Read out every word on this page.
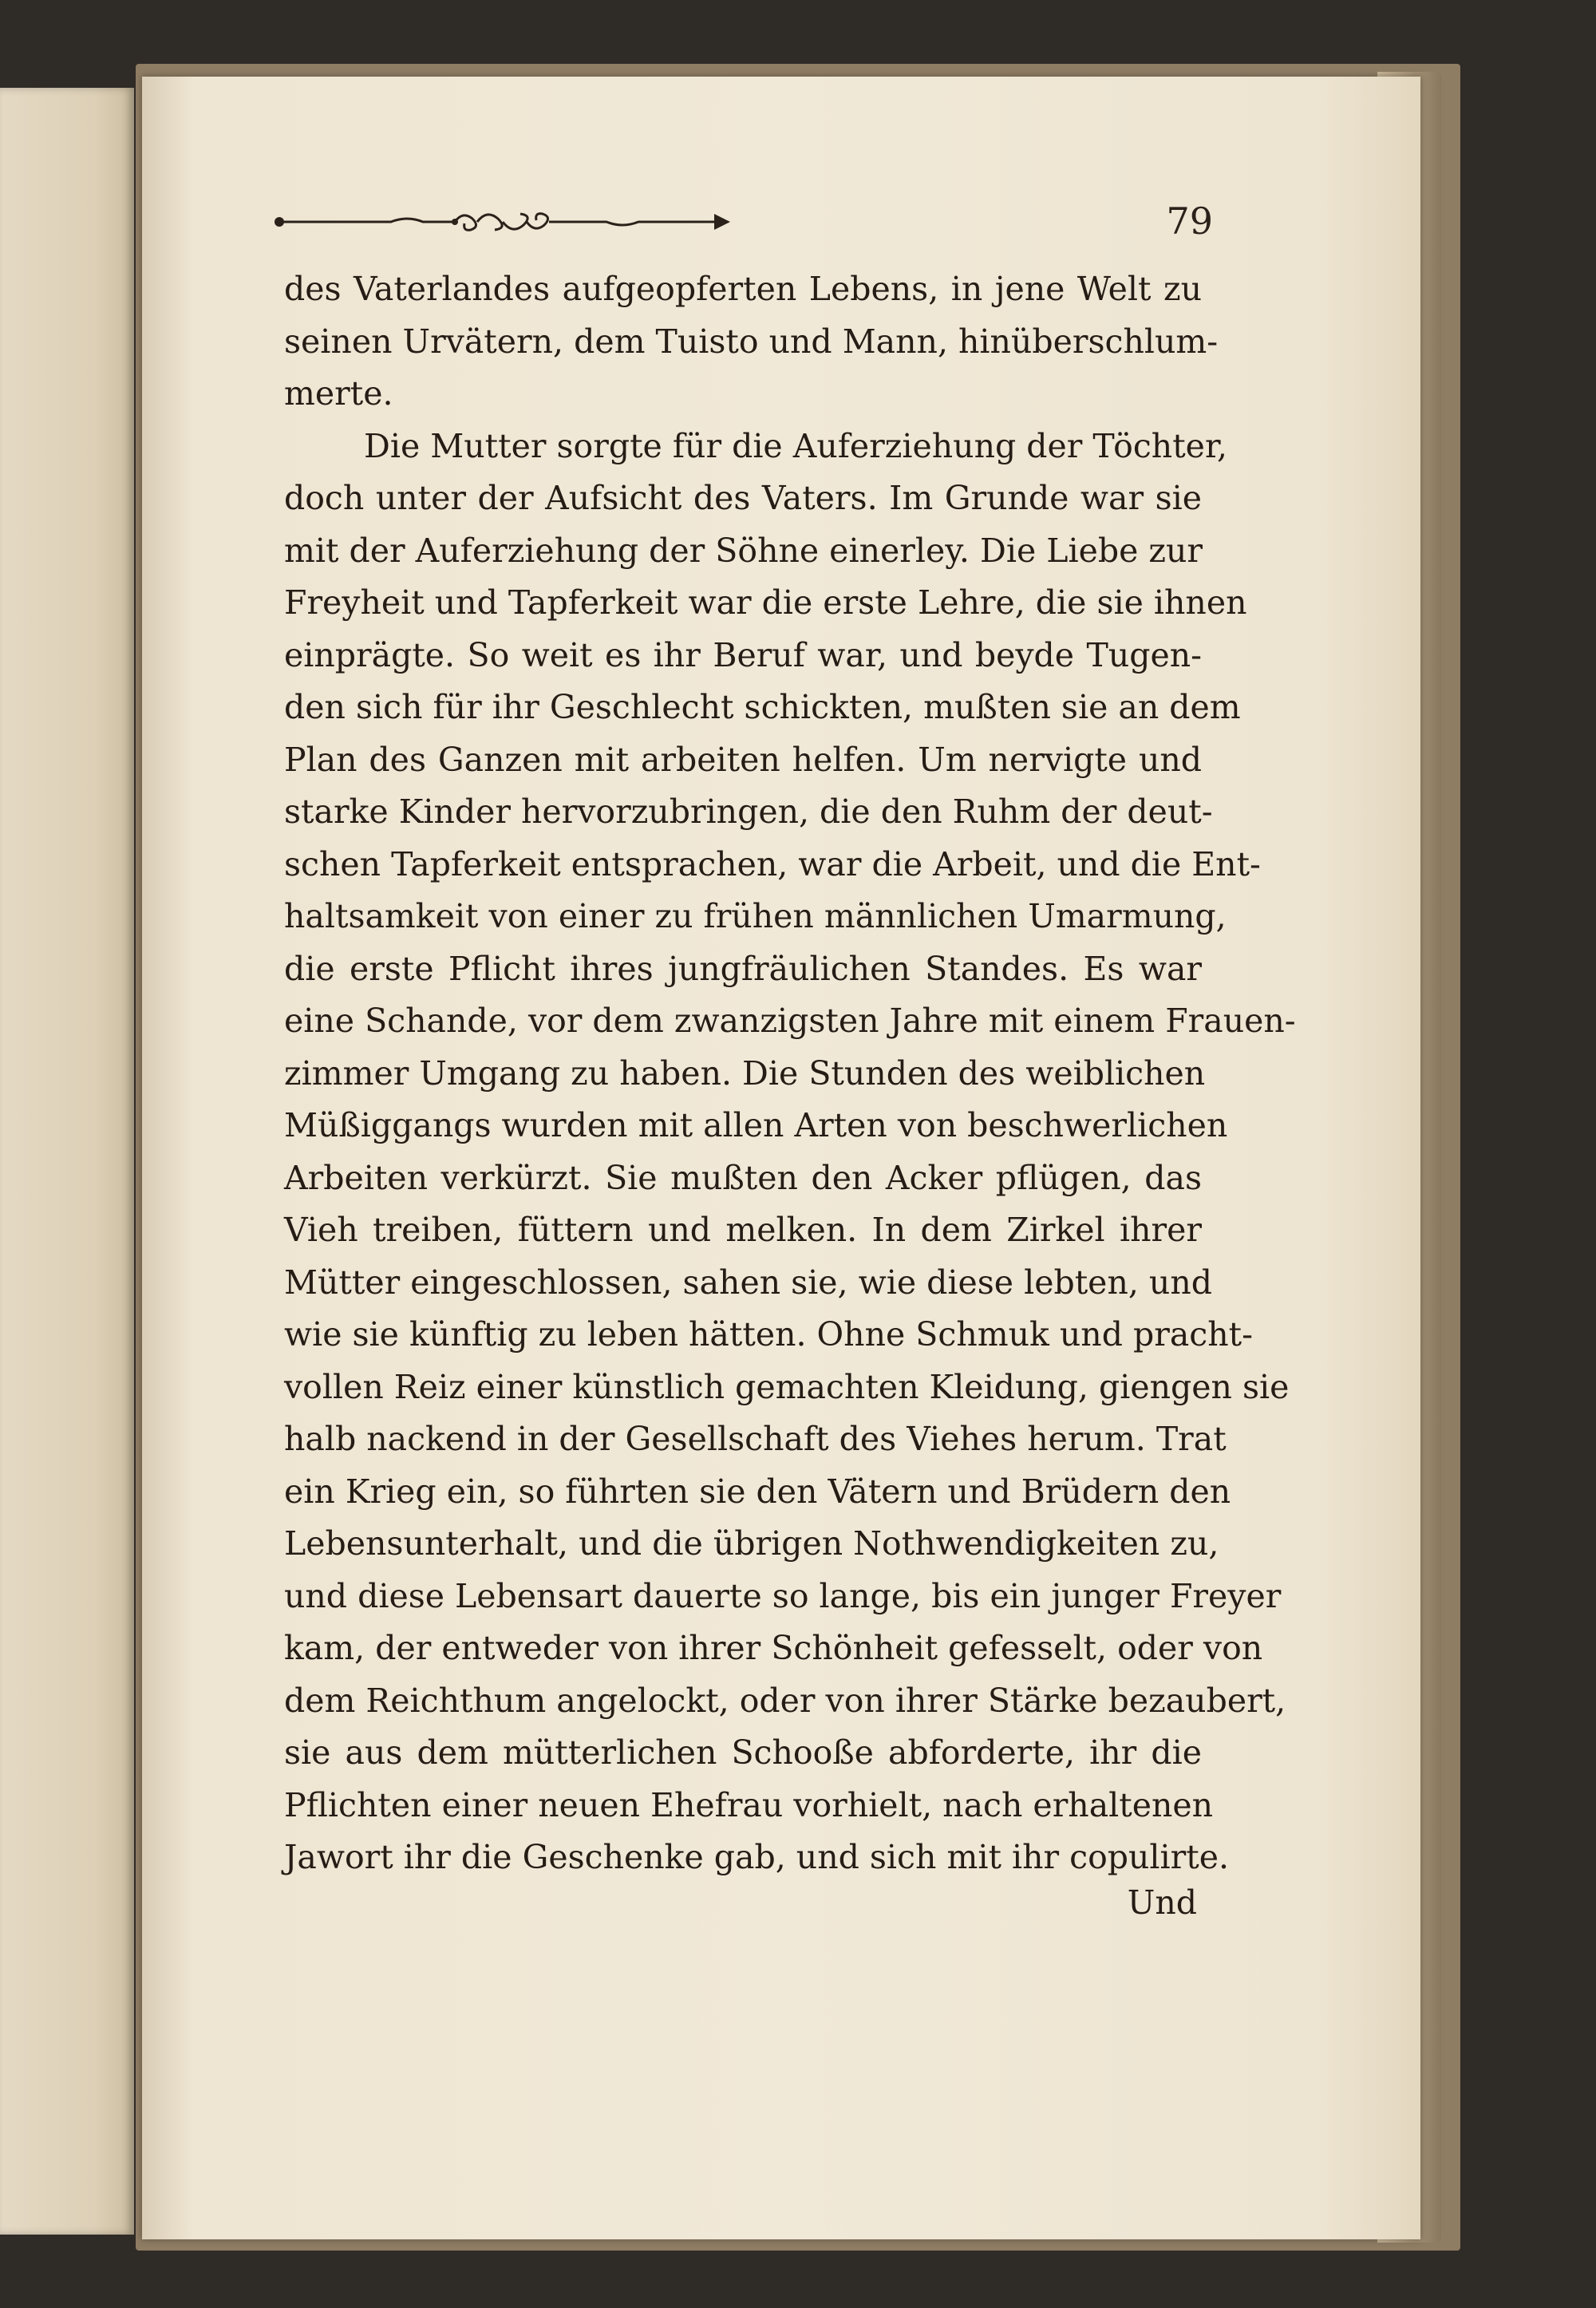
79
des Vaterlandes aufgeopferten Lebens, in jene Welt zu
seinen Urvätern, dem Tuisto und Mann, hinüberschlum-
merte.
Die Mutter sorgte für die Auferziehung der Töchter,
doch unter der Aufsicht des Vaters. Im Grunde war sie
mit der Auferziehung der Söhne einerley. Die Liebe zur
Freyheit und Tapferkeit war die erste Lehre, die sie ihnen
einprägte. So weit es ihr Beruf war, und beyde Tugen-
den sich für ihr Geschlecht schickten, mußten sie an dem
Plan des Ganzen mit arbeiten helfen. Um nervigte und
starke Kinder hervorzubringen, die den Ruhm der deut-
schen Tapferkeit entsprachen, war die Arbeit, und die Ent-
haltsamkeit von einer zu frühen männlichen Umarmung,
die erste Pflicht ihres jungfräulichen Standes. Es war
eine Schande, vor dem zwanzigsten Jahre mit einem Frauen-
zimmer Umgang zu haben. Die Stunden des weiblichen
Müßiggangs wurden mit allen Arten von beschwerlichen
Arbeiten verkürzt. Sie mußten den Acker pflügen, das
Vieh treiben, füttern und melken. In dem Zirkel ihrer
Mütter eingeschlossen, sahen sie, wie diese lebten, und
wie sie künftig zu leben hätten. Ohne Schmuk und pracht-
vollen Reiz einer künstlich gemachten Kleidung, giengen sie
halb nackend in der Gesellschaft des Viehes herum. Trat
ein Krieg ein, so führten sie den Vätern und Brüdern den
Lebensunterhalt, und die übrigen Nothwendigkeiten zu,
und diese Lebensart dauerte so lange, bis ein junger Freyer
kam, der entweder von ihrer Schönheit gefesselt, oder von
dem Reichthum angelockt, oder von ihrer Stärke bezaubert,
sie aus dem mütterlichen Schooße abforderte, ihr die
Pflichten einer neuen Ehefrau vorhielt, nach erhaltenen
Jawort ihr die Geschenke gab, und sich mit ihr copulirte.
Und
